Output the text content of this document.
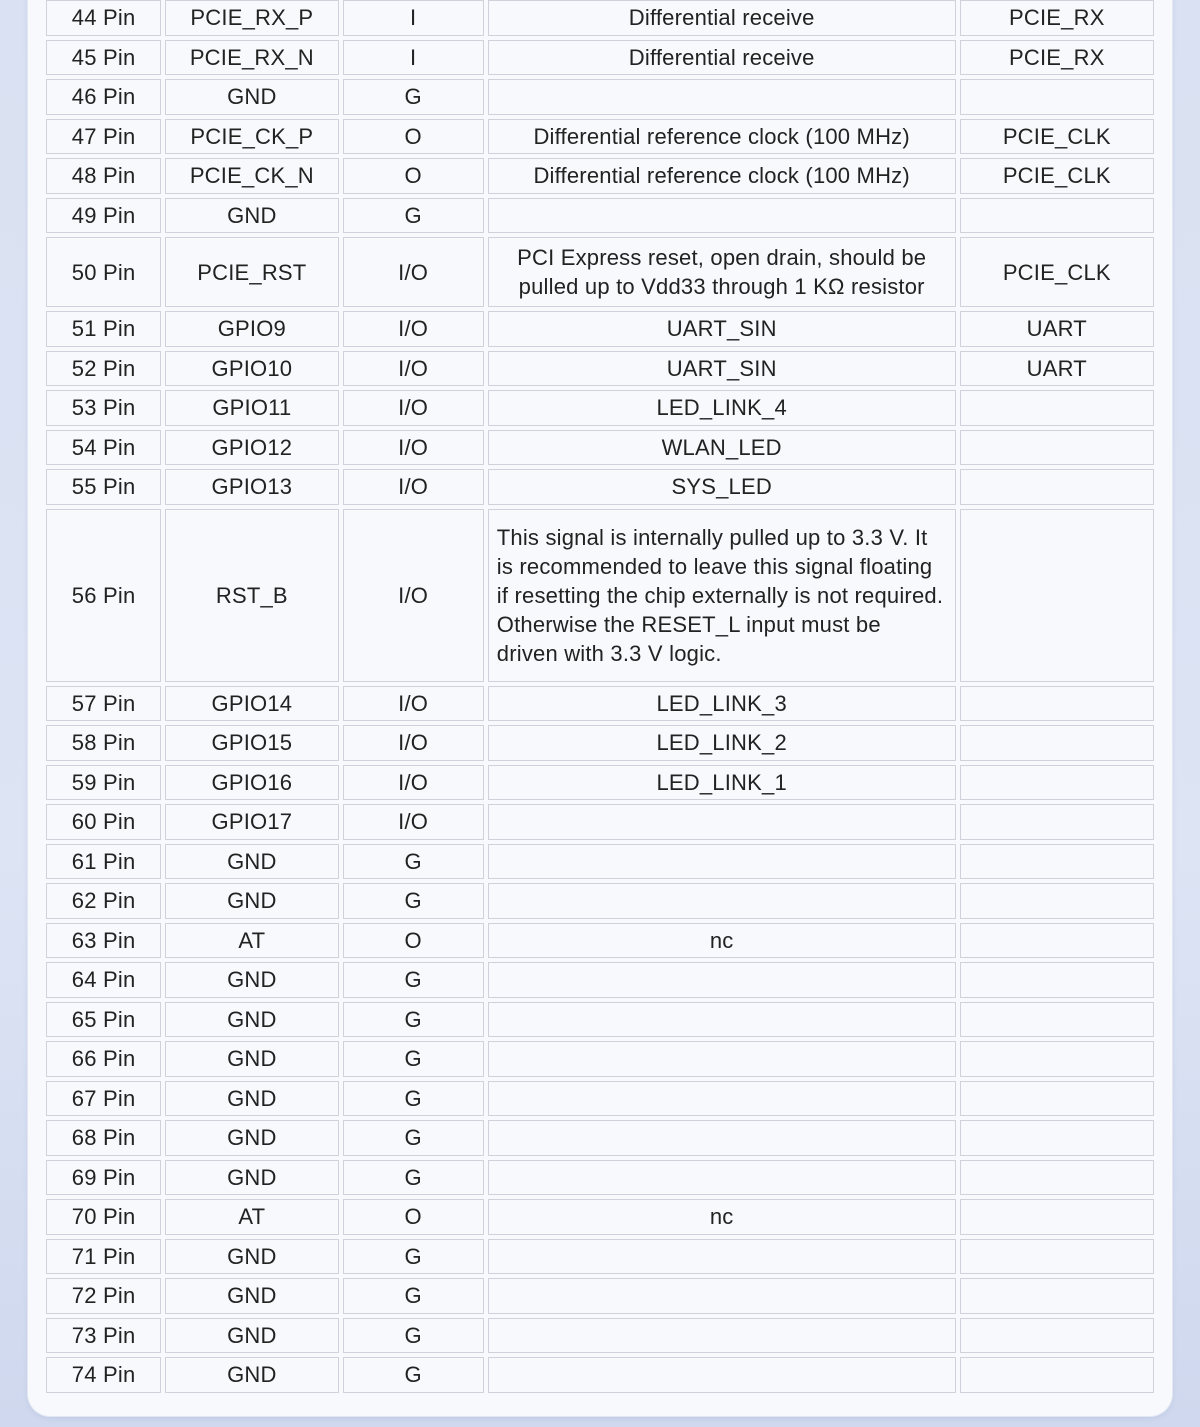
44 Pin	PCIE_RX_P	I	Differential receive	PCIE_RX
45 Pin	PCIE_RX_N	I	Differential receive	PCIE_RX
46 Pin	GND	G		
47 Pin	PCIE_CK_P	O	Differential reference clock (100 MHz)	PCIE_CLK
48 Pin	PCIE_CK_N	O	Differential reference clock (100 MHz)	PCIE_CLK
49 Pin	GND	G		
50 Pin	PCIE_RST	I/O	PCI Express reset, open drain, should be pulled up to Vdd33 through 1 KΩ resistor	PCIE_CLK
51 Pin	GPIO9	I/O	UART_SIN	UART
52 Pin	GPIO10	I/O	UART_SIN	UART
53 Pin	GPIO11	I/O	LED_LINK_4	
54 Pin	GPIO12	I/O	WLAN_LED	
55 Pin	GPIO13	I/O	SYS_LED	
56 Pin	RST_B	I/O	This signal is internally pulled up to 3.3 V. It is recommended to leave this signal floating if resetting the chip externally is not required. Otherwise the RESET_L input must be driven with 3.3 V logic.	
57 Pin	GPIO14	I/O	LED_LINK_3	
58 Pin	GPIO15	I/O	LED_LINK_2	
59 Pin	GPIO16	I/O	LED_LINK_1	
60 Pin	GPIO17	I/O		
61 Pin	GND	G		
62 Pin	GND	G		
63 Pin	AT	O	nc	
64 Pin	GND	G		
65 Pin	GND	G		
66 Pin	GND	G		
67 Pin	GND	G		
68 Pin	GND	G		
69 Pin	GND	G		
70 Pin	AT	O	nc	
71 Pin	GND	G		
72 Pin	GND	G		
73 Pin	GND	G		
74 Pin	GND	G		
